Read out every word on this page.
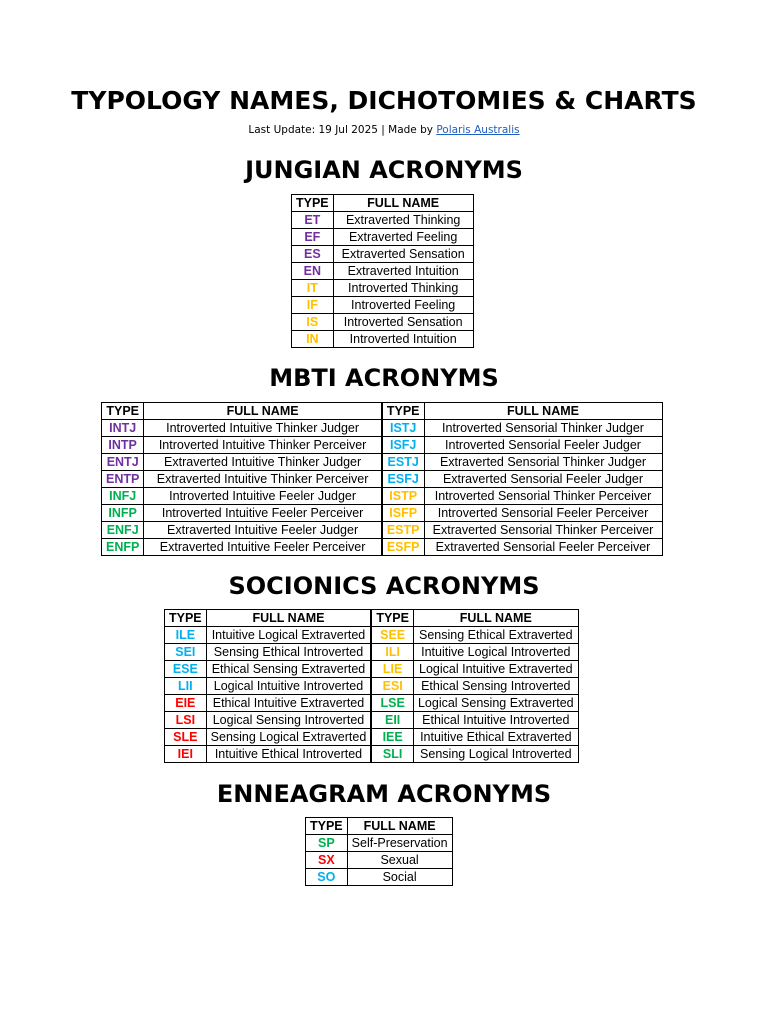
TYPOLOGY NAMES, DICHOTOMIES & CHARTS

Last Update: 19 Jul 2025 | Made by Polaris Australis

JUNGIAN ACRONYMS
TYPE	FULL NAME
ET	Extraverted Thinking
EF	Extraverted Feeling
ES	Extraverted Sensation
EN	Extraverted Intuition
IT	Introverted Thinking
IF	Introverted Feeling
IS	Introverted Sensation
IN	Introverted Intuition
MBTI ACRONYMS
TYPE	FULL NAME	TYPE	FULL NAME
INTJ	Introverted Intuitive Thinker Judger	ISTJ	Introverted Sensorial Thinker Judger
INTP	Introverted Intuitive Thinker Perceiver	ISFJ	Introverted Sensorial Feeler Judger
ENTJ	Extraverted Intuitive Thinker Judger	ESTJ	Extraverted Sensorial Thinker Judger
ENTP	Extraverted Intuitive Thinker Perceiver	ESFJ	Extraverted Sensorial Feeler Judger
INFJ	Introverted Intuitive Feeler Judger	ISTP	Introverted Sensorial Thinker Perceiver
INFP	Introverted Intuitive Feeler Perceiver	ISFP	Introverted Sensorial Feeler Perceiver
ENFJ	Extraverted Intuitive Feeler Judger	ESTP	Extraverted Sensorial Thinker Perceiver
ENFP	Extraverted Intuitive Feeler Perceiver	ESFP	Extraverted Sensorial Feeler Perceiver
SOCIONICS ACRONYMS
TYPE	FULL NAME	TYPE	FULL NAME
ILE	Intuitive Logical Extraverted	SEE	Sensing Ethical Extraverted
SEI	Sensing Ethical Introverted	ILI	Intuitive Logical Introverted
ESE	Ethical Sensing Extraverted	LIE	Logical Intuitive Extraverted
LII	Logical Intuitive Introverted	ESI	Ethical Sensing Introverted
EIE	Ethical Intuitive Extraverted	LSE	Logical Sensing Extraverted
LSI	Logical Sensing Introverted	EII	Ethical Intuitive Introverted
SLE	Sensing Logical Extraverted	IEE	Intuitive Ethical Extraverted
IEI	Intuitive Ethical Introverted	SLI	Sensing Logical Introverted
ENNEAGRAM ACRONYMS
TYPE	FULL NAME
SP	Self-Preservation
SX	Sexual
SO	Social
